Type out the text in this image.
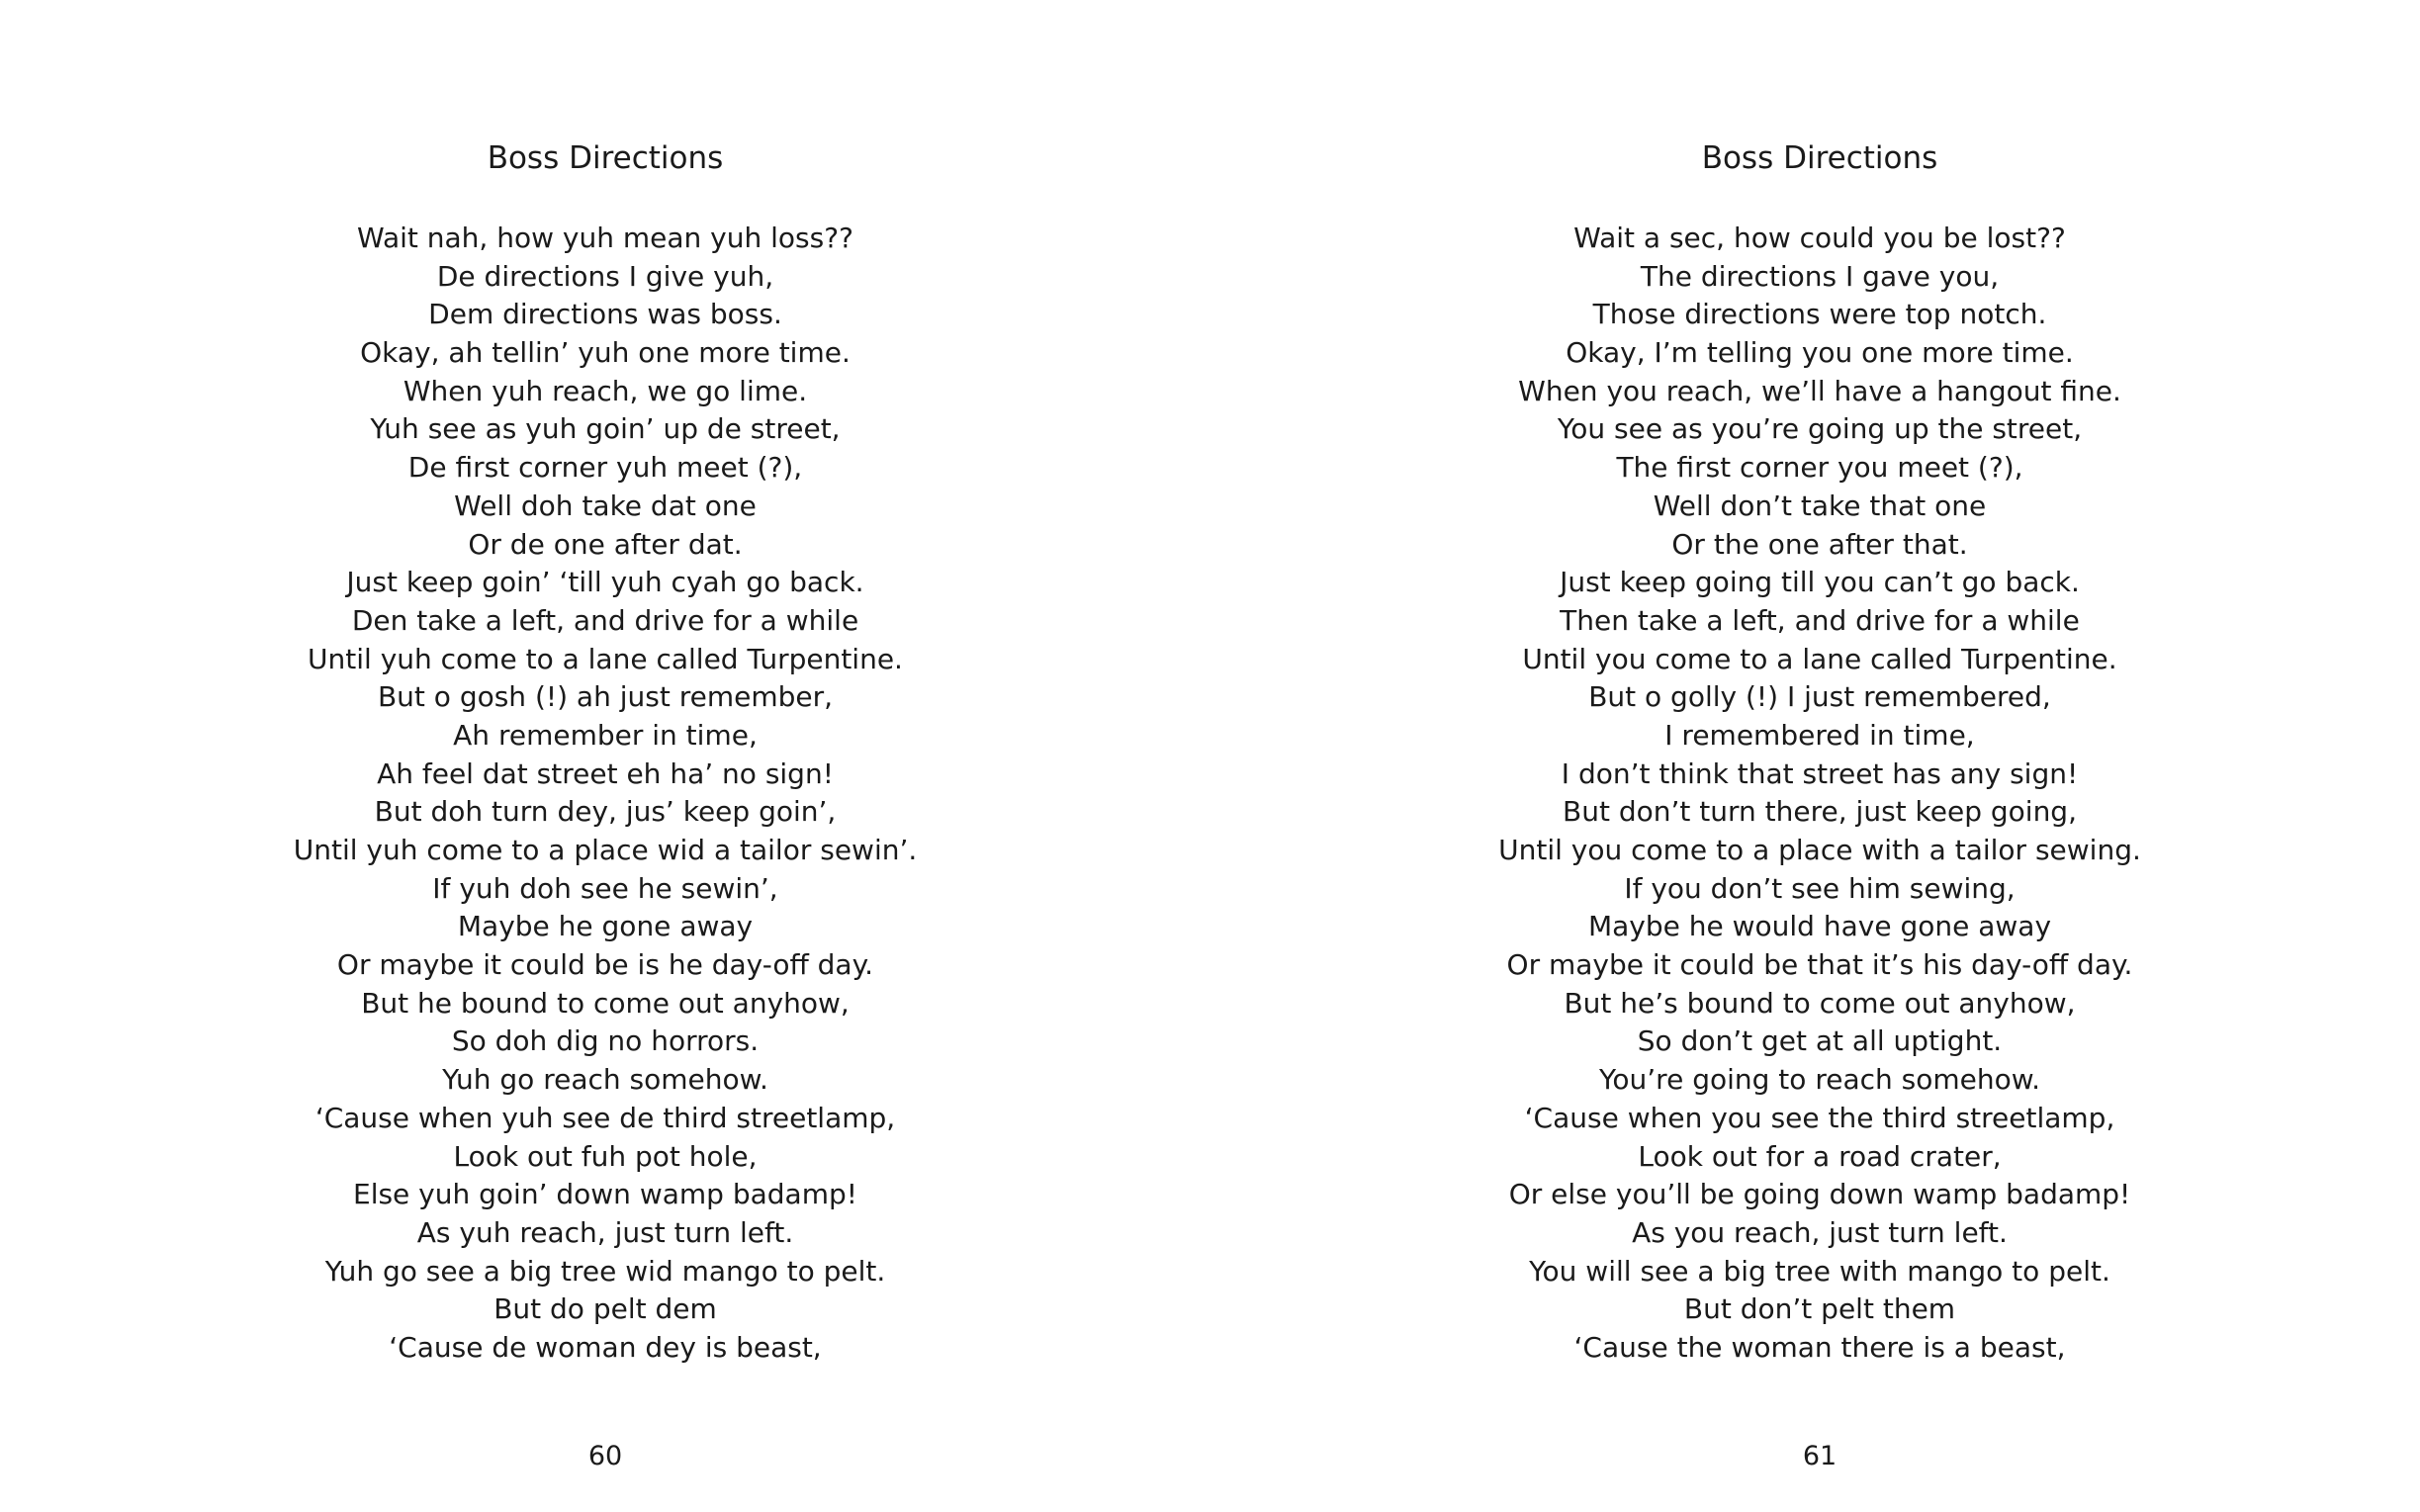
Boss Directions
Wait nah, how yuh mean yuh loss??
De directions I give yuh,
Dem directions was boss.
Okay, ah tellin’ yuh one more time.
When yuh reach, we go lime.
Yuh see as yuh goin’ up de street,
De first corner yuh meet (?),
Well doh take dat one
Or de one after dat.
Just keep goin’ ‘till yuh cyah go back.
Den take a left, and drive for a while
Until yuh come to a lane called Turpentine.
But o gosh (!) ah just remember,
Ah remember in time,
Ah feel dat street eh ha’ no sign!
But doh turn dey, jus’ keep goin’,
Until yuh come to a place wid a tailor sewin’.
If yuh doh see he sewin’,
Maybe he gone away
Or maybe it could be is he day-off day.
But he bound to come out anyhow,
So doh dig no horrors.
Yuh go reach somehow.
‘Cause when yuh see de third streetlamp,
Look out fuh pot hole,
Else yuh goin’ down wamp badamp!
As yuh reach, just turn left.
Yuh go see a big tree wid mango to pelt.
But do pelt dem
‘Cause de woman dey is beast,
60
Boss Directions
Wait a sec, how could you be lost??
The directions I gave you,
Those directions were top notch.
Okay, I’m telling you one more time.
When you reach, we’ll have a hangout fine.
You see as you’re going up the street,
The first corner you meet (?),
Well don’t take that one
Or the one after that.
Just keep going till you can’t go back.
Then take a left, and drive for a while
Until you come to a lane called Turpentine.
But o golly (!) I just remembered,
I remembered in time,
I don’t think that street has any sign!
But don’t turn there, just keep going,
Until you come to a place with a tailor sewing.
If you don’t see him sewing,
Maybe he would have gone away
Or maybe it could be that it’s his day-off day.
But he’s bound to come out anyhow,
So don’t get at all uptight.
You’re going to reach somehow.
‘Cause when you see the third streetlamp,
Look out for a road crater,
Or else you’ll be going down wamp badamp!
As you reach, just turn left.
You will see a big tree with mango to pelt.
But don’t pelt them
‘Cause the woman there is a beast,
61
